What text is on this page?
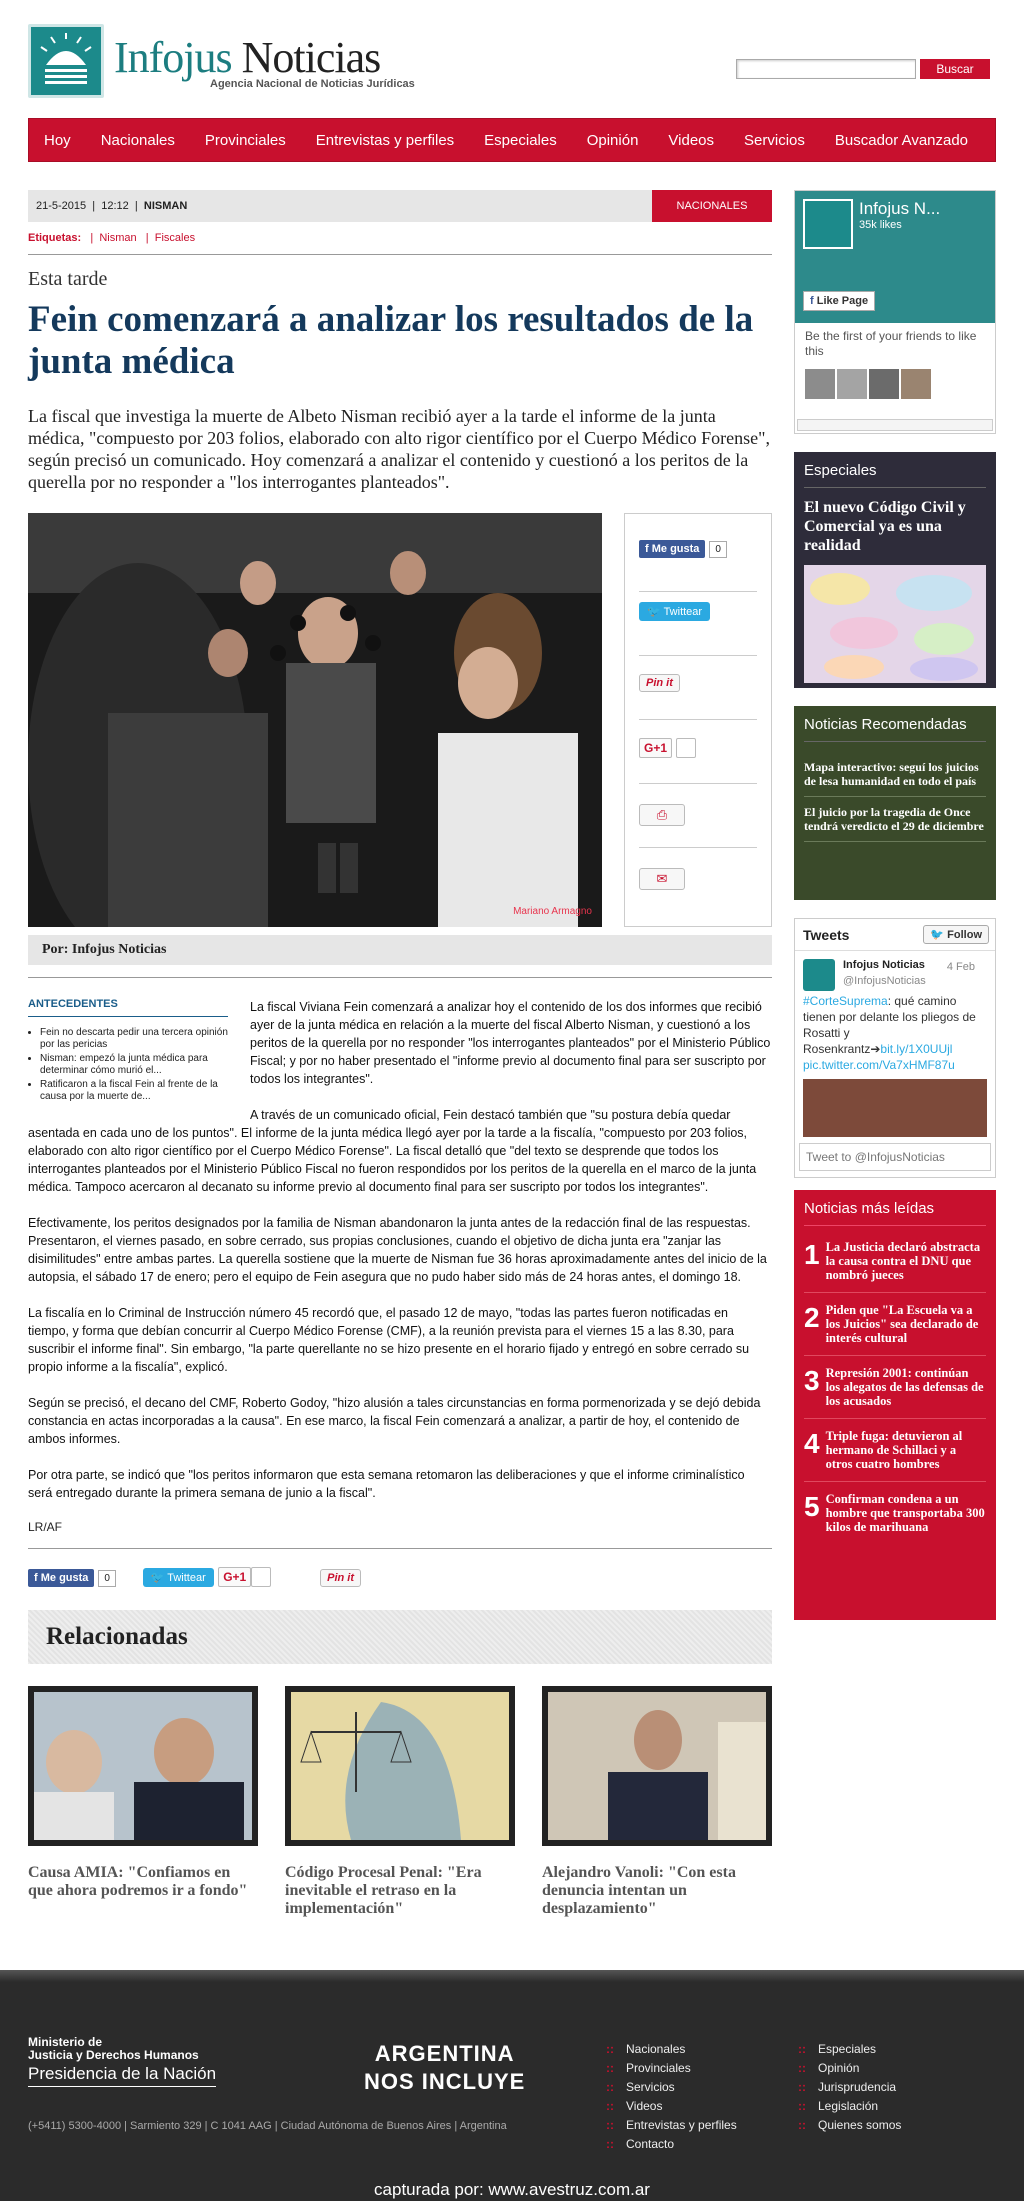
Infojus Noticias
Agencia Nacional de Noticias Jurídicas
Buscar
Hoy Nacionales Provinciales Entrevistas y perfiles Especiales Opinión Videos Servicios Buscador Avanzado
21-5-2015  |  12:12  |  NISMAN	NACIONALES
Etiquetas:   |  Nisman   |  Fiscales
Esta tarde
Fein comenzará a analizar los resultados de la junta médica
La fiscal que investiga la muerte de Albeto Nisman recibió ayer a la tarde el informe de la junta médica, "compuesto por 203 folios, elaborado con alto rigor científico por el Cuerpo Médico Forense", según precisó un comunicado. Hoy comenzará a analizar el contenido y cuestionó a los peritos de la querella por no responder a "los interrogantes planteados".
Mariano Armagno
f Me gusta 0
🐦 Twittear
Pin it
G+1
⎙
✉
Por: Infojus Noticias
ANTECEDENTES
• Fein no descarta pedir una tercera opinión por las pericias
• Nisman: empezó la junta médica para determinar cómo murió el...
• Ratificaron a la fiscal Fein al frente de la causa por la muerte de...

La fiscal Viviana Fein comenzará a analizar hoy el contenido de los dos informes que recibió ayer de la junta médica en relación a la muerte del fiscal Alberto Nisman, y cuestionó a los peritos de la querella por no responder "los interrogantes planteados" por el Ministerio Público Fiscal; y por no haber presentado el "informe previo al documento final para ser suscripto por todos los integrantes".

A través de un comunicado oficial, Fein destacó también que "su postura debía quedar asentada en cada uno de los puntos". El informe de la junta médica llegó ayer por la tarde a la fiscalía, "compuesto por 203 folios, elaborado con alto rigor científico por el Cuerpo Médico Forense". La fiscal detalló que "del texto se desprende que todos los interrogantes planteados por el Ministerio Público Fiscal no fueron respondidos por los peritos de la querella en el marco de la junta médica. Tampoco acercaron al decanato su informe previo al documento final para ser suscripto por todos los integrantes".

Efectivamente, los peritos designados por la familia de Nisman abandonaron la junta antes de la redacción final de las respuestas. Presentaron, el viernes pasado, en sobre cerrado, sus propias conclusiones, cuando el objetivo de dicha junta era "zanjar las disimilitudes" entre ambas partes. La querella sostiene que la muerte de Nisman fue 36 horas aproximadamente antes del inicio de la autopsia, el sábado 17 de enero; pero el equipo de Fein asegura que no pudo haber sido más de 24 horas antes, el domingo 18.

La fiscalía en lo Criminal de Instrucción número 45 recordó que, el pasado 12 de mayo, "todas las partes fueron notificadas en tiempo, y forma que debían concurrir al Cuerpo Médico Forense (CMF), a la reunión prevista para el viernes 15 a las 8.30, para suscribir el informe final". Sin embargo, "la parte querellante no se hizo presente en el horario fijado y entregó en sobre cerrado su propio informe a la fiscalía", explicó.

Según se precisó, el decano del CMF, Roberto Godoy, "hizo alusión a tales circunstancias en forma pormenorizada y se dejó debida constancia en actas incorporadas a la causa". En ese marco, la fiscal Fein comenzará a analizar, a partir de hoy, el contenido de ambos informes.

Por otra parte, se indicó que "los peritos informaron que esta semana retomaron las deliberaciones y que el informe criminalístico será entregado durante la primera semana de junio a la fiscal".

LR/AF
f Me gusta 0	🐦 Twittear G+1	Pin it
Relacionadas
Causa AMIA: "Confiamos en que ahora podremos ir a fondo"
Código Procesal Penal: "Era inevitable el retraso en la implementación"
Alejandro Vanoli: "Con esta denuncia intentan un desplazamiento"
Infojus N...
35k likes
f Like Page
Be the first of your friends to like this
Especiales
El nuevo Código Civil y Comercial ya es una realidad
Noticias Recomendadas
Mapa interactivo: seguí los juicios de lesa humanidad en todo el país
El juicio por la tragedia de Once tendrá veredicto el 29 de diciembre
Tweets	🐦 Follow
Infojus Noticias
@InfojusNoticias
4 Feb
#CorteSuprema: qué camino tienen por delante los pliegos de Rosatti y Rosenkrantz➔bit.ly/1X0UUjl
pic.twitter.com/Va7xHMF87u
Tweet to @InfojusNoticias
Noticias más leídas
1 La Justicia declaró abstracta la causa contra el DNU que nombró jueces
2 Piden que "La Escuela va a los Juicios" sea declarado de interés cultural
3 Represión 2001: continúan los alegatos de las defensas de los acusados
4 Triple fuga: detuvieron al hermano de Schillaci y a otros cuatro hombres
5 Confirman condena a un hombre que transportaba 300 kilos de marihuana
Ministerio de
Justicia y Derechos Humanos
Presidencia de la Nación
ARGENTINA
NOS INCLUYE
(+5411) 5300-4000 | Sarmiento 329 | C 1041 AAG | Ciudad Autónoma de Buenos Aires | Argentina
:: Nacionales
:: Provinciales
:: Servicios
:: Videos
:: Entrevistas y perfiles
:: Contacto
:: Especiales
:: Opinión
:: Jurisprudencia
:: Legislación
:: Quienes somos
capturada por: www.avestruz.com.ar
